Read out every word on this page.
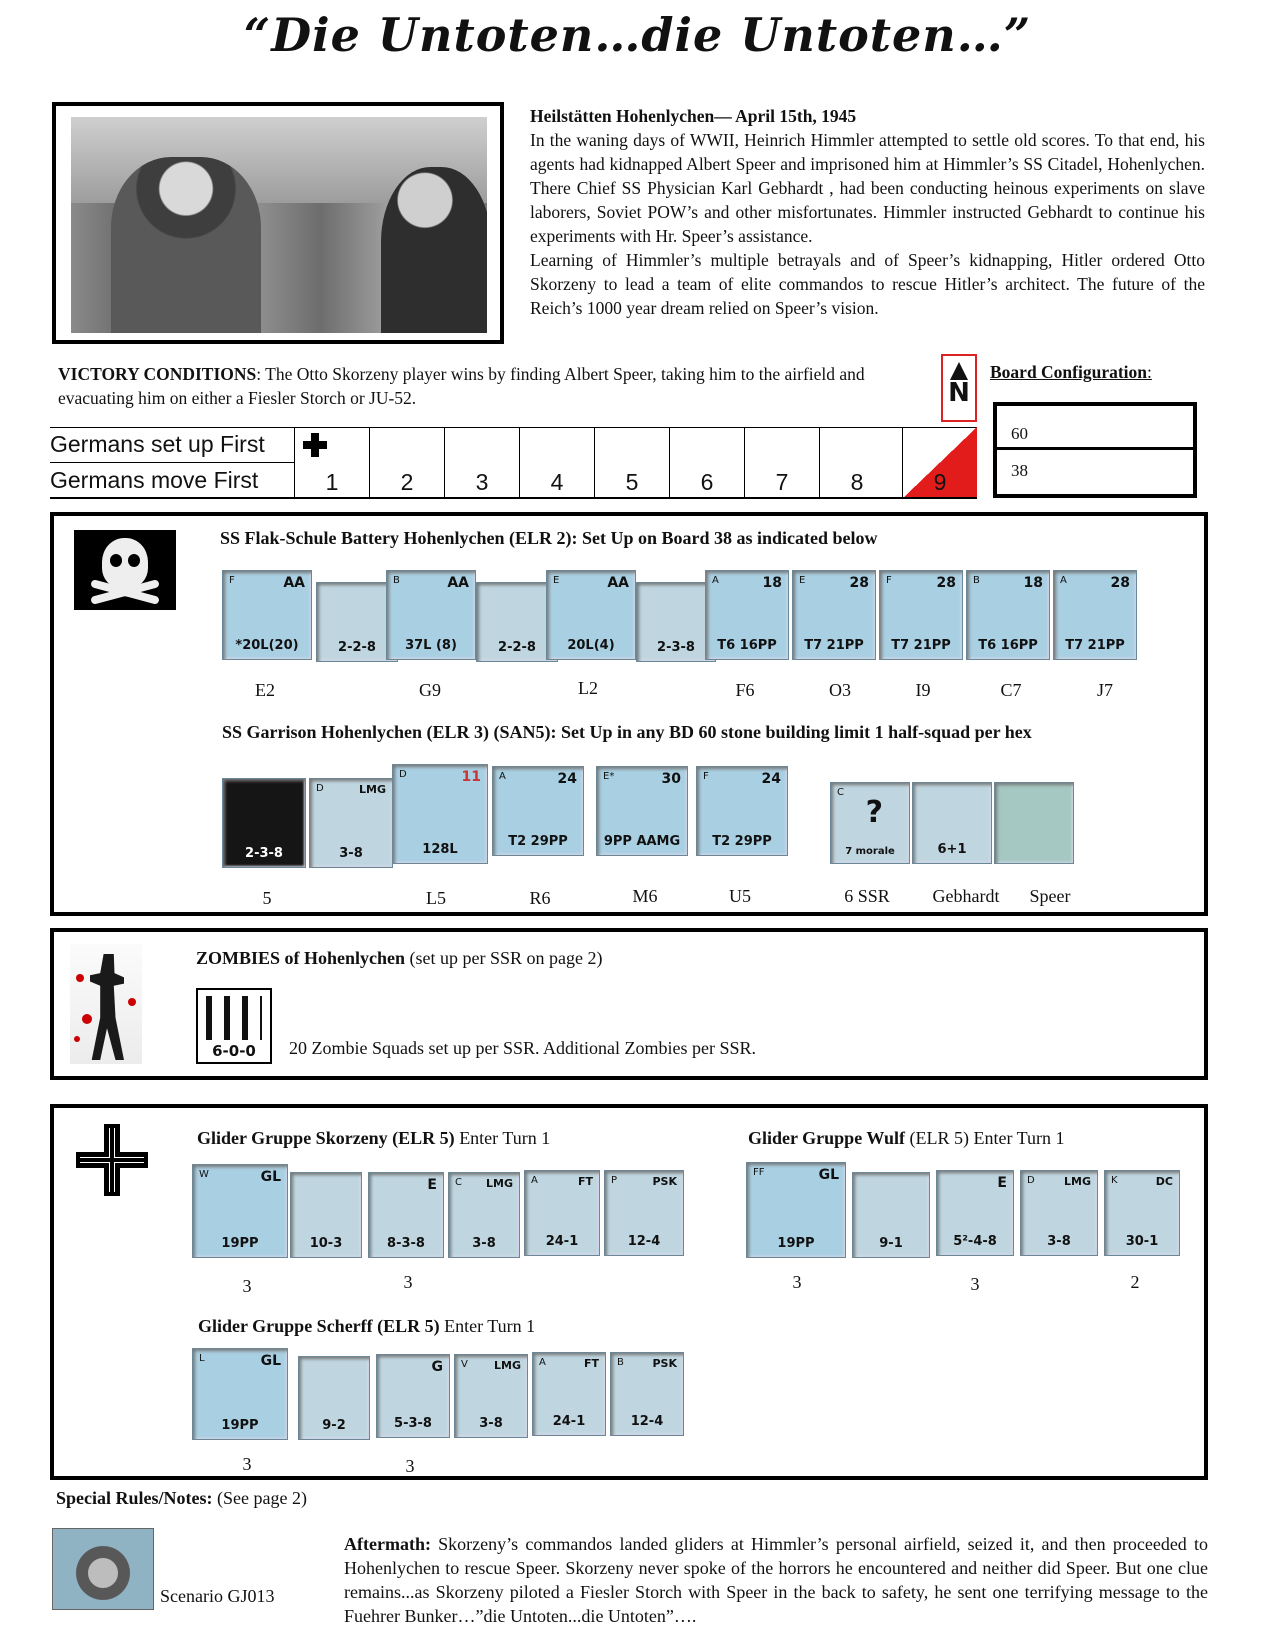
“Die Untoten…die Untoten…”
Heilstätten Hohenlychen— April 15th, 1945
In the waning days of WWII, Heinrich Himmler attempted to settle old scores. To that end, his agents had kidnapped Albert Speer and imprisoned him at Himmler’s SS Citadel, Hohenlychen. There Chief SS Physician Karl Gebhardt , had been conducting heinous experiments on slave laborers, Soviet POW’s and other misfortunates. Himmler instructed Gebhardt to continue his experiments with Hr. Speer’s assistance.
Learning of Himmler’s multiple betrayals and of Speer’s kidnapping, Hitler ordered Otto Skorzeny to lead a team of elite commandos to rescue Hitler’s architect. The future of the Reich’s 1000 year dream relied on Speer’s vision.
VICTORY CONDITIONS: The Otto Skorzeny player wins by finding Albert Speer, taking him to the airfield and evacuating him on either a Fiesler Storch or JU-52.	N
Board Configuration:
60
38
Germans set up First
Germans move First	1	2	3	4	5	6	7	8	9
SS Flak-Schule Battery Hohenlychen (ELR 2): Set Up on Board 38 as indicated below
F	AA
*20L(20)	2-2-8
B	AA
37L (8)	2-2-8
E	AA
20L(4)	2-3-8
A	18
T6 16PP
E	28
T7 21PP
F	28
T7 21PP
B	18
T6 16PP
A	28
T7 21PP
E2	G9	L2	F6	O3	I9	C7	J7
SS Garrison Hohenlychen (ELR 3) (SAN5): Set Up in any BD 60 stone building limit 1 half-squad per hex
2-3-8
D	LMG
3-8
D	11
128L
A	24
T2 29PP
E*	30
9PP AAMG
F	24
T2 29PP
C
?
7 morale	6+1
5	L5	R6	M6	U5	6 SSR	Gebhardt	Speer
ZOMBIES of Hohenlychen (set up per SSR on page 2)
6-0-0	20 Zombie Squads set up per SSR. Additional Zombies per SSR.
Glider Gruppe Skorzeny (ELR 5) Enter Turn 1
W	GL
19PP	10-3
E
8-3-8
C LMG
3-8
A	FT
24-1
P	PSK
12-4
3	3
Glider Gruppe Wulf (ELR 5) Enter Turn 1
FF	GL
19PP	9-1
E
5²-4-8
D	LMG
3-8
K	DC
30-1
3	3	2
Glider Gruppe Scherff (ELR 5) Enter Turn 1
L	GL
19PP	9-2
G
5-3-8
V LMG
3-8
A	FT
24-1
B	PSK
12-4
3	3
Special Rules/Notes: (See page 2)
Scenario GJ013
Aftermath: Skorzeny’s commandos landed gliders at Himmler’s personal airfield, seized it, and then proceeded to Hohenlychen to rescue Speer. Skorzeny never spoke of the horrors he encountered and neither did Speer. But one clue remains...as Skorzeny piloted a Fiesler Storch with Speer in the back to safety, he sent one terrifying message to the Fuehrer Bunker…”die Untoten...die Untoten”….
